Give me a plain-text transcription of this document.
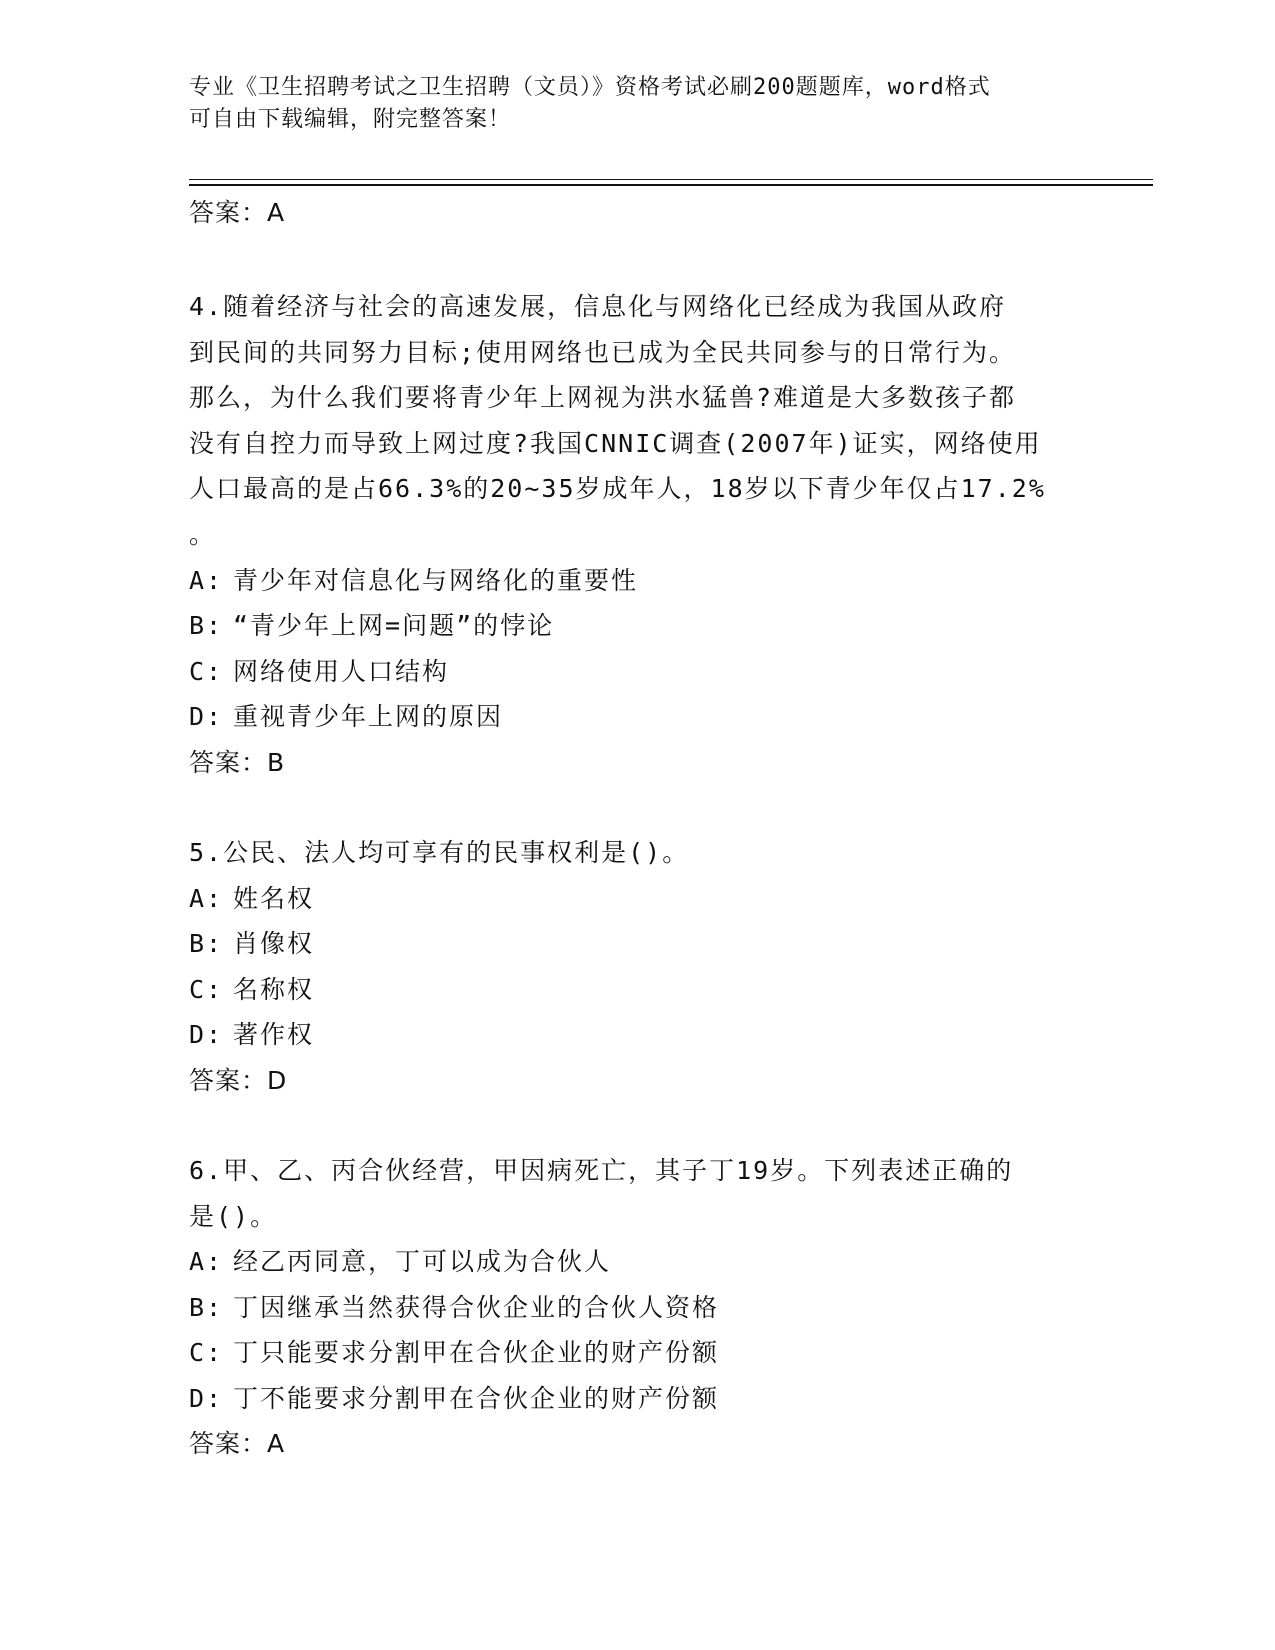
专业《卫生招聘考试之卫生招聘（文员）》资格考试必刷200题题库，word格式
可自由下载编辑，附完整答案！
答案：A
4.随着经济与社会的高速发展，信息化与网络化已经成为我国从政府
到民间的共同努力目标;使用网络也已成为全民共同参与的日常行为。
那么，为什么我们要将青少年上网视为洪水猛兽?难道是大多数孩子都
没有自控力而导致上网过度?我国CNNIC调查(2007年)证实，网络使用
人口最高的是占66.3%的20~35岁成年人，18岁以下青少年仅占17.2%
。
A: 青少年对信息化与网络化的重要性
B: “青少年上网=问题”的悖论
C: 网络使用人口结构
D: 重视青少年上网的原因
答案：B
5.公民、法人均可享有的民事权利是()。
A: 姓名权
B: 肖像权
C: 名称权
D: 著作权
答案：D
6.甲、乙、丙合伙经营，甲因病死亡，其子丁19岁。下列表述正确的
是()。
A: 经乙丙同意，丁可以成为合伙人
B: 丁因继承当然获得合伙企业的合伙人资格
C: 丁只能要求分割甲在合伙企业的财产份额
D: 丁不能要求分割甲在合伙企业的财产份额
答案：A
